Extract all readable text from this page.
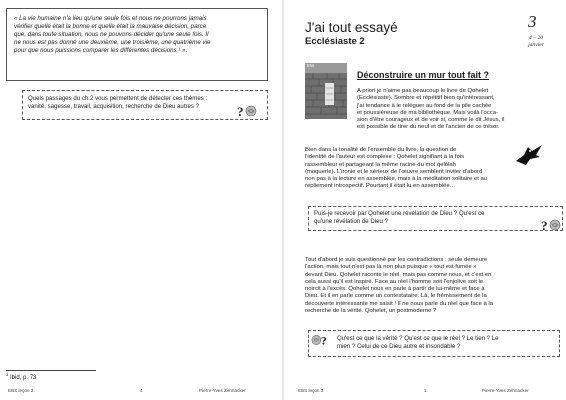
« La vie humaine n'a lieu qu'une seule fois et nous ne pourrons jamais
vérifier quelle était la bonne et quelle était la mauvaise décision, parce
que, dans toute situation, nous ne pouvons décider qu'une seule fois. Il
ne nous est pas donné une deuxième, une troisième, une quatrième vie
pour que nous puissions comparer les différentes décisions ¹ ».
Quels passages du ch.2 vous permettent de détecter ces thèmes :
vanité, sagesse, travail, acquisition, recherche de Dieu autres ?	?
$^1$ Ibid, p. 73
EBS leçon 3	4	Pierre-Yves Zehnacker
J'ai tout essayé
Ecclésiaste 2
3
4 – 20
janvier
EW
Déconstruire un mur tout fait ?
A priori je n'aime pas beaucoup le livre de Qohelet
(Ecclésiaste). Sombre et répétitif bien qu'intéressant,
j'ai tendance à le reléguer au fond de la pile cachée
et poussiéreuse de ma bibliothèque. Mais voilà l'occa-
sion d'être courageux et de voir si, comme le dit Jésus, il
est possible de tirer du neuf et de l'ancien de ce trésor.
Bien dans la tonalité de l'ensemble du livre, la question de
l'identité de l'auteur est complexe : Qohelet signifiant à la fois
rassembleur et partageant la même racine du mot qelolah
(moquerie). L'ironie et le sérieux de l'œuvre semblent inviter d'abord
non pas à la lecture en assemblée, mais à la méditation solitaire et au
repliement introspectif. Pourtant il était lu en assemblée…
Puis-je recevoir par Qohelet une révélation de Dieu ? Qu'est ce
qu'une révélation de Dieu ?	?
Tout d'abord je suis questionné par les contradictions : seule demeure
l'action, mais tout n'est pas là non plus puisque « tout est fumée »
devant Dieu. Qohelet raconte le réel, mais pas comme nous, et c'est en
cela aussi qu'il est inspiré. Face au réel l'homme soit l'enjolive soit le
noircit à l'excès. Qohelet nous en parle à partir de lui-même et face à
Dieu. Et il en parle comme un contestataire. Là, le frémissement de la
découverte intéressante me saisit ! Il ne nous parle du réel que face à la
recherche de la vérité. Qohelet, un postmoderne ?
Qu'est ce que la vérité ? Qu'est ce que le réel ? Le tien ? Le
mien ? Celui de ce Dieu autre et insondable ?
?
EBS leçon 3	1	Pierre-Yves Zehnacker
